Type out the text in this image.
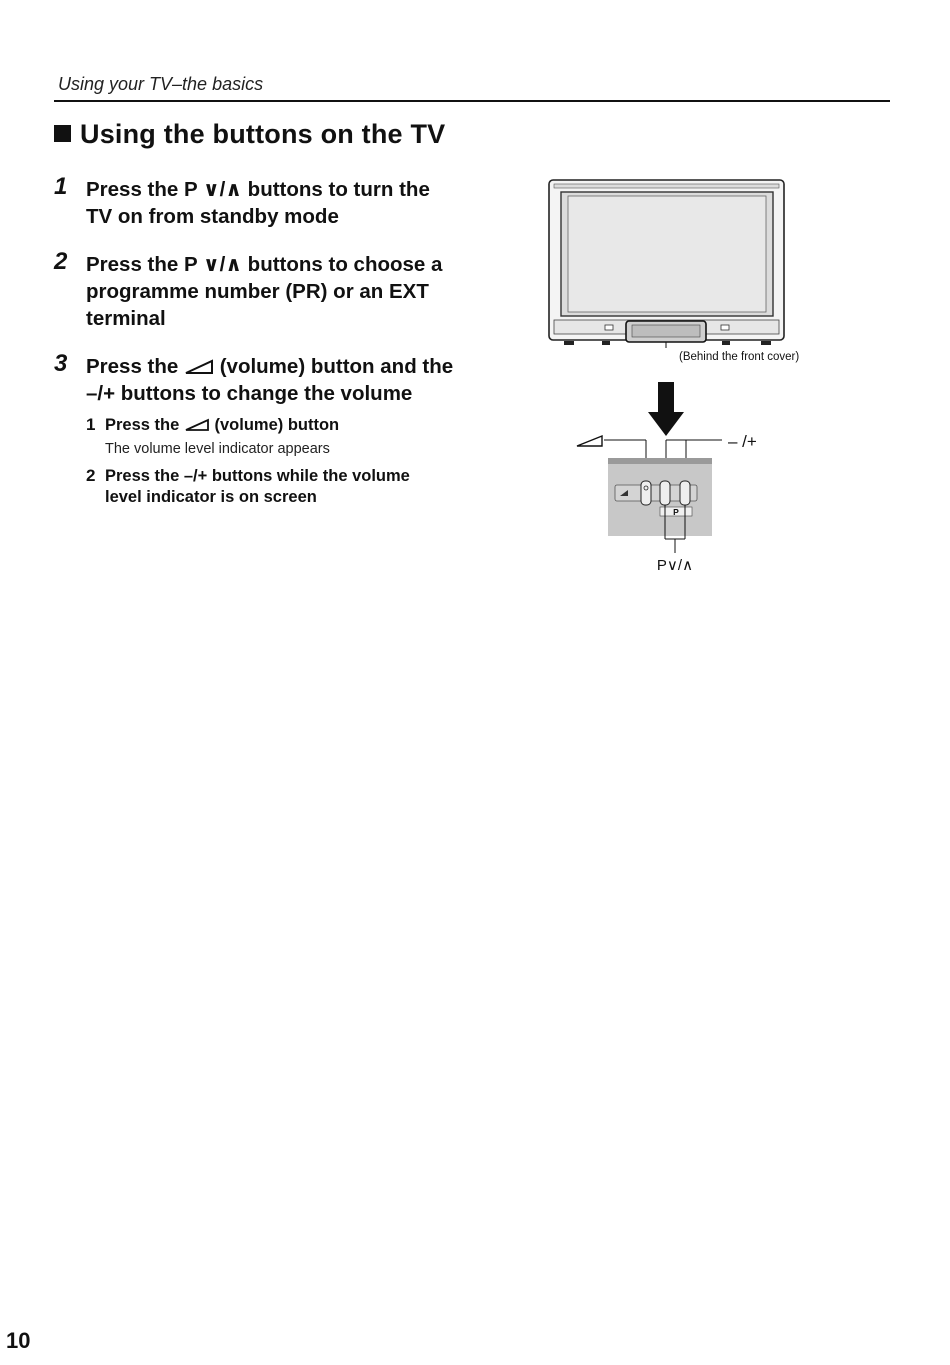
Using your TV–the basics
Using the buttons on the TV
1 Press the P ∨/∧ buttons to turn the
TV on from standby mode
2 Press the P ∨/∧ buttons to choose a
programme number (PR) or an EXT
terminal
3 Press the (volume) button and the
–/+ buttons to change the volume
1 Press the (volume) button
The volume level indicator appears
2 Press the –/+ buttons while the volume
level indicator is on screen
(Behind the front cover)
– /+
P
P∨/∧
10
